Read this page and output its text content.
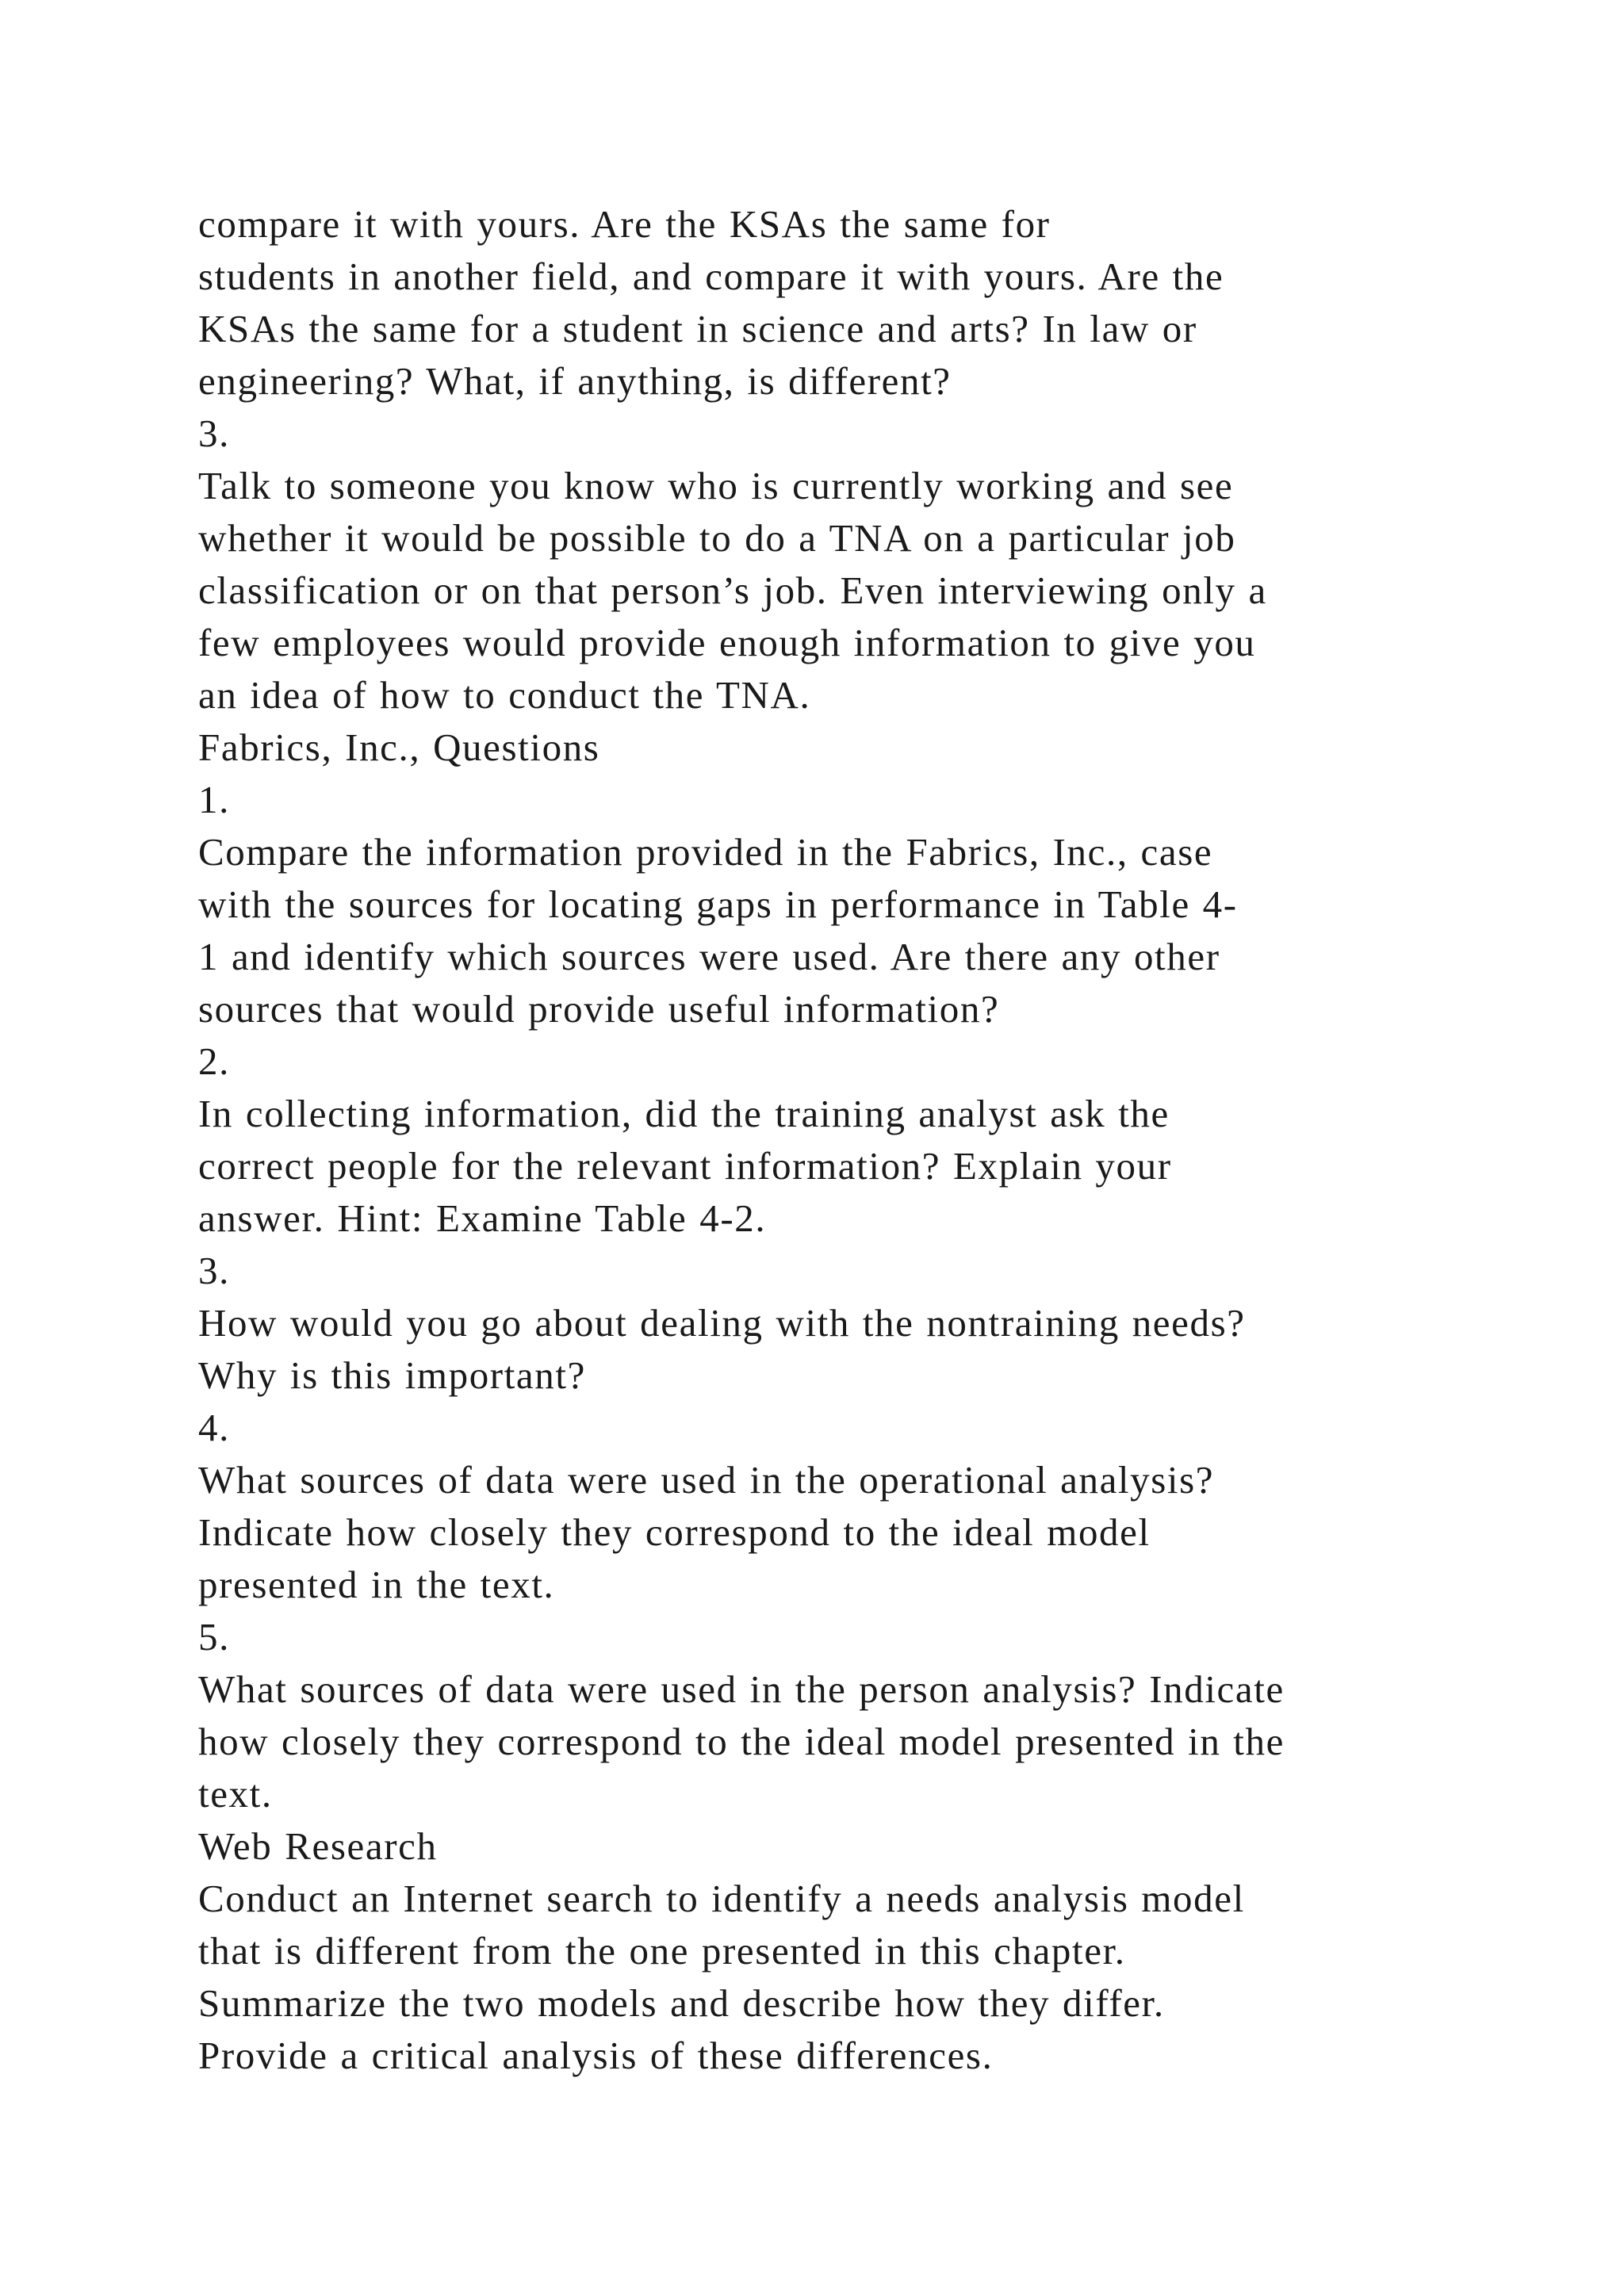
compare it with yours. Are the KSAs the same for
students in another field, and compare it with yours. Are the
KSAs the same for a student in science and arts? In law or
engineering? What, if anything, is different?
3.
Talk to someone you know who is currently working and see
whether it would be possible to do a TNA on a particular job
classification or on that person’s job. Even interviewing only a
few employees would provide enough information to give you
an idea of how to conduct the TNA.
Fabrics, Inc., Questions
1.
Compare the information provided in the Fabrics, Inc., case
with the sources for locating gaps in performance in Table 4-
1 and identify which sources were used. Are there any other
sources that would provide useful information?
2.
In collecting information, did the training analyst ask the
correct people for the relevant information? Explain your
answer. Hint: Examine Table 4-2.
3.
How would you go about dealing with the nontraining needs?
Why is this important?
4.
What sources of data were used in the operational analysis?
Indicate how closely they correspond to the ideal model
presented in the text.
5.
What sources of data were used in the person analysis? Indicate
how closely they correspond to the ideal model presented in the
text.
Web Research
Conduct an Internet search to identify a needs analysis model
that is different from the one presented in this chapter.
Summarize the two models and describe how they differ.
Provide a critical analysis of these differences.
